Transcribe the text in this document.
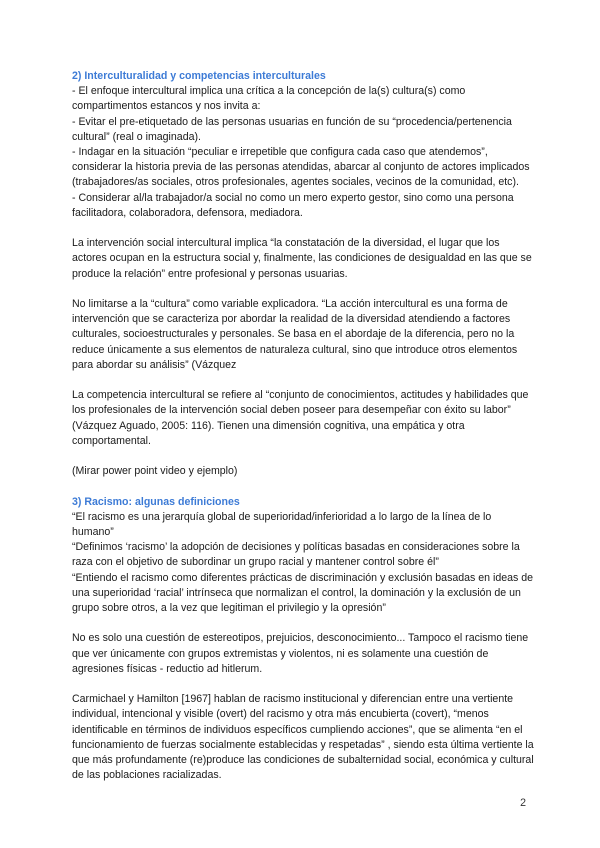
2) Interculturalidad y competencias interculturales

- El enfoque intercultural implica una crítica a la concepción de la(s) cultura(s) como compartimentos estancos y nos invita a:

- Evitar el pre-etiquetado de las personas usuarias en función de su “procedencia/pertenencia cultural” (real o imaginada).

- Indagar en la situación “peculiar e irrepetible que configura cada caso que atendemos”, considerar la historia previa de las personas atendidas, abarcar al conjunto de actores implicados (trabajadores/as sociales, otros profesionales, agentes sociales, vecinos de la comunidad, etc).

- Considerar al/la trabajador/a social no como un mero experto gestor, sino como una persona facilitadora, colaboradora, defensora, mediadora.

La intervención social intercultural implica “la constatación de la diversidad, el lugar que los actores ocupan en la estructura social y, finalmente, las condiciones de desigualdad en las que se produce la relación” entre profesional y personas usuarias.

No limitarse a la “cultura” como variable explicadora. “La acción intercultural es una forma de intervención que se caracteriza por abordar la realidad de la diversidad atendiendo a factores culturales, socioestructurales y personales. Se basa en el abordaje de la diferencia, pero no la reduce únicamente a sus elementos de naturaleza cultural, sino que introduce otros elementos para abordar su análisis” (Vázquez

La competencia intercultural se refiere al “conjunto de conocimientos, actitudes y habilidades que los profesionales de la intervención social deben poseer para desempeñar con éxito su labor” (Vázquez Aguado, 2005: 116). Tienen una dimensión cognitiva, una empática y otra comportamental.

(Mirar power point video y ejemplo)

3) Racismo: algunas definiciones

“El racismo es una jerarquía global de superioridad/inferioridad a lo largo de la línea de lo humano”

“Definimos ‘racismo’ la adopción de decisiones y políticas basadas en consideraciones sobre la raza con el objetivo de subordinar un grupo racial y mantener control sobre él”

“Entiendo el racismo como diferentes prácticas de discriminación y exclusión basadas en ideas de una superioridad ‘racial’ intrínseca que normalizan el control, la dominación y la exclusión de un grupo sobre otros, a la vez que legitiman el privilegio y la opresión”

No es solo una cuestión de estereotipos, prejuicios, desconocimiento... Tampoco el racismo tiene que ver únicamente con grupos extremistas y violentos, ni es solamente una cuestión de agresiones físicas - reductio ad hitlerum.

Carmichael y Hamilton [1967] hablan de racismo institucional y diferencian entre una vertiente individual, intencional y visible (overt) del racismo y otra más encubierta (covert), “menos identificable en términos de individuos específicos cumpliendo acciones”, que se alimenta “en el funcionamiento de fuerzas socialmente establecidas y respetadas” , siendo esta última vertiente la que más profundamente (re)produce las condiciones de subalternidad social, económica y cultural de las poblaciones racializadas.

2
